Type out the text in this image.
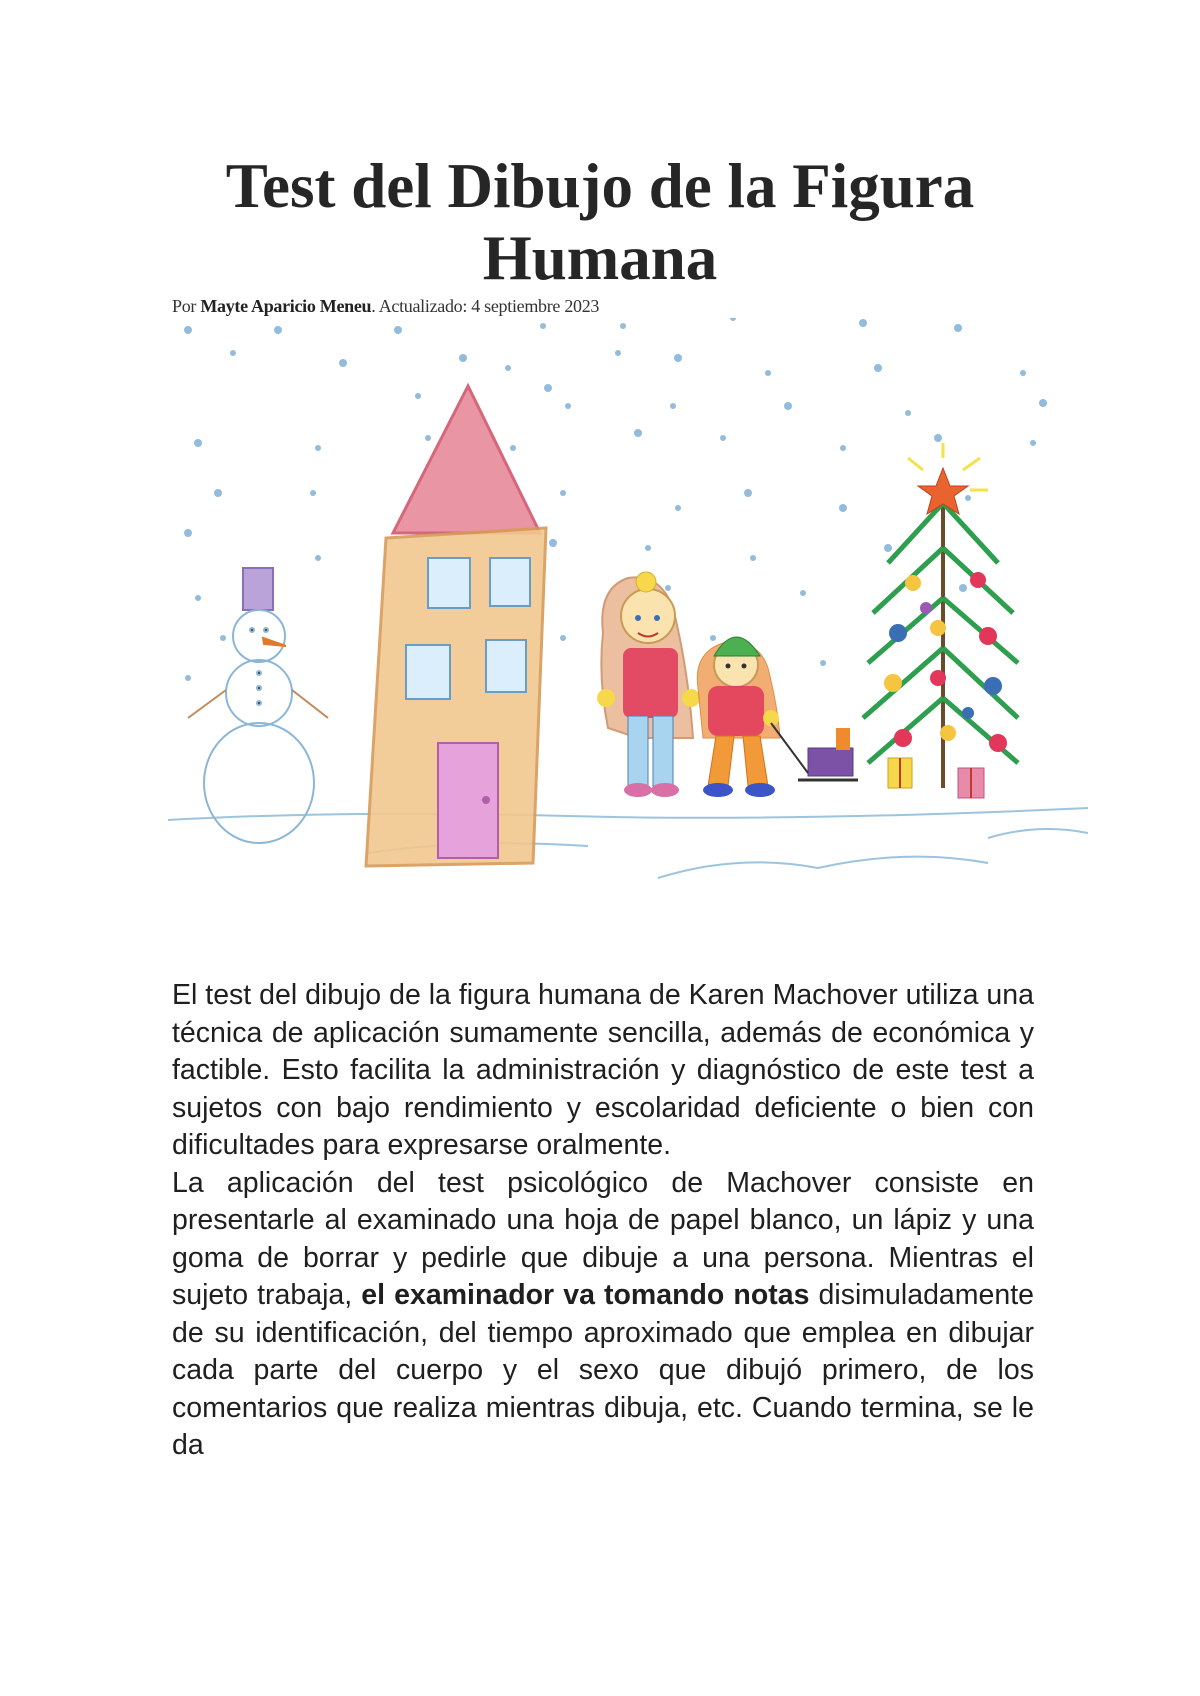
Test del Dibujo de la Figura Humana
Por Mayte Aparicio Meneu. Actualizado: 4 septiembre 2023

El test del dibujo de la figura humana de Karen Machover utiliza una técnica de aplicación sumamente sencilla, además de económica y factible. Esto facilita la administración y diagnóstico de este test a sujetos con bajo rendimiento y escolaridad deficiente o bien con dificultades para expresarse oralmente.

La aplicación del test psicológico de Machover consiste en presentarle al examinado una hoja de papel blanco, un lápiz y una goma de borrar y pedirle que dibuje a una persona. Mientras el sujeto trabaja, el examinador va tomando notas disimuladamente de su identificación, del tiempo aproximado que emplea en dibujar cada parte del cuerpo y el sexo que dibujó primero, de los comentarios que realiza mientras dibuja, etc. Cuando termina, se le da
